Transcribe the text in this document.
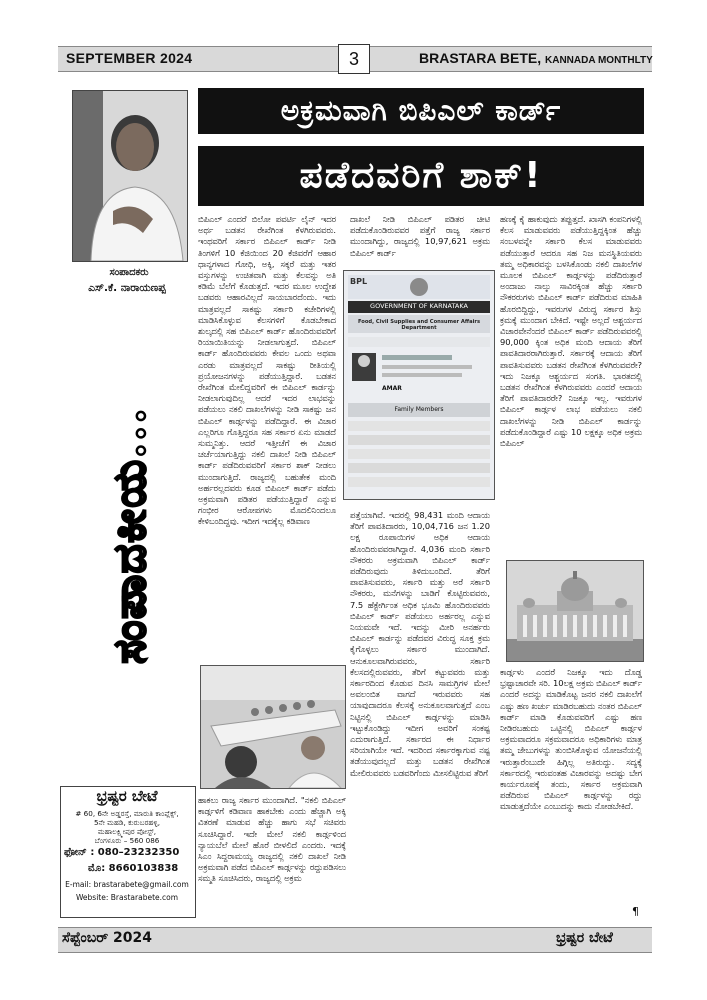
SEPTEMBER 2024	3	BRASTARA BETE, KANNADA MONTHLTY
ಸಂಪಾದಕರು
ಎಸ್.ಕೆ. ನಾರಾಯಣಪ್ಪ
ಸಂಪಾದಕೀಯ...
ಭ್ರಷ್ಟರ ಬೇಟೆ
# 60, 6ನೇ ಅಡ್ಡರಸ್ತೆ, ಮಾರುತಿ ಕಾಂಪ್ಲೆಕ್ಸ್,
5ನೇ ಮಹಡಿ, ಕುರುಬರಹಳ್ಳಿ,
ಮಹಾಲಕ್ಷ್ಮೀಪುರ ಪೋಸ್ಟ್,
ಬೆಂಗಳೂರು – 560 086
ಫೋನ್ : 080–23232350
ಮೊ: 8660103838
E-mail: brastarabete@gmail.com
Website: Brastarabete.com
ಅಕ್ರಮವಾಗಿ ಬಿಪಿಎಲ್ ಕಾರ್ಡ್
ಪಡೆದವರಿಗೆ ಶಾಕ್!
ಬಿಪಿಎಲ್ ಎಂದರೆ ಬಿಲೋ ಪವರ್ಟಿ ಲೈನ್ ಇದರ ಅರ್ಥ ಬಡತನ ರೇಖೆಗಿಂತ ಕೆಳಗಿರುವವರು. ಇಂಥವರಿಗೆ ಸರ್ಕಾರ ಬಿಪಿಎಲ್ ಕಾರ್ಡ್ ನೀಡಿ ತಿಂಗಳಿಗೆ 10 ಕೆಜಿಯಿಂದ 20 ಕೆಜಿವರೆಗೆ ಆಹಾರ ಧಾನ್ಯಗಳಾದ ಗೋಧಿ, ಅಕ್ಕಿ, ಸಕ್ಕರೆ ಮತ್ತು ಇತರ ವಸ್ತುಗಳನ್ನು ಉಚಿತವಾಗಿ ಮತ್ತು ಕೆಲವನ್ನು ಅತಿ ಕಡಿಮೆ ಬೆಲೆಗೆ ಕೊಡುತ್ತದೆ. ಇದರ ಮೂಲ ಉದ್ದೇಶ ಬಡವರು ಆಹಾರವಿಲ್ಲದೆ ಸಾಯಬಾರದೆಂದು. ಇದು ಮಾತ್ರವಲ್ಲದೆ ಸಾಕಷ್ಟು ಸರ್ಕಾರಿ ಕಚೇರಿಗಳಲ್ಲಿ ಮಾಡಿಸಿಕೊಳ್ಳುವ ಕೆಲಸಗಳಿಗೆ ಕೊಡಬೇಕಾದ ಶುಲ್ಕದಲ್ಲಿ ಸಹ ಬಿಪಿಎಲ್ ಕಾರ್ಡ್ ಹೊಂದಿರುವವರಿಗೆ ರಿಯಾಯಿತಿಯನ್ನು ನೀಡಲಾಗುತ್ತದೆ. ಬಿಪಿಎಲ್ ಕಾರ್ಡ್ ಹೊಂದಿರುವವರು ಕೇವಲ ಒಂದು ಅಥವಾ ಎರಡು ಮಾತ್ರವಲ್ಲದೆ ಸಾಕಷ್ಟು ರೀತಿಯಲ್ಲಿ ಪ್ರಯೋಜನಗಳನ್ನು ಪಡೆಯುತ್ತಿದ್ದಾರೆ. ಬಡತನ ರೇಖೆಗಿಂತ ಮೇಲಿದ್ದವರಿಗೆ ಈ ಬಿಪಿಎಲ್ ಕಾರ್ಡನ್ನು ನೀಡಲಾಗುವುದಿಲ್ಲ ಆದರೆ ಇದರ ಲಾಭವನ್ನು ಪಡೆಯಲು ನಕಲಿ ದಾಖಲೆಗಳನ್ನು ನೀಡಿ ಸಾಕಷ್ಟು ಜನ ಬಿಪಿಎಲ್ ಕಾರ್ಡ್ಗಳನ್ನು ಪಡೆದಿದ್ದಾರೆ. ಈ ವಿಚಾರ ಎಲ್ಲರಿಗೂ ಗೊತ್ತಿದ್ದರೂ ಸಹ ಸರ್ಕಾರ ಏನು ಮಾಡದೆ ಸುಮ್ಮನಿತ್ತು. ಆದರೆ ಇತ್ತೀಚೆಗೆ ಈ ವಿಚಾರ ಚರ್ಚೆಯಾಗುತ್ತಿದ್ದು ನಕಲಿ ದಾಖಲೆ ನೀಡಿ ಬಿಪಿಎಲ್ ಕಾರ್ಡ್ ಪಡೆದಿರುವವರಿಗೆ ಸರ್ಕಾರ ಶಾಕ್ ನೀಡಲು ಮುಂದಾಗುತ್ತಿದೆ. ರಾಜ್ಯದಲ್ಲಿ ಬಹುತೇಕ ಮಂದಿ ಅರ್ಹರಲ್ಲದವರು ಕೂಡ ಬಿಪಿಎಲ್ ಕಾರ್ಡ್ ಪಡೆದು ಅಕ್ರಮವಾಗಿ ಪಡಿತರ ಪಡೆಯುತ್ತಿದ್ದಾರೆ ಎನ್ನುವ ಗಂಭೀರ ಆರೋಪಗಳು ಮೊದಲಿನಿಂದಲೂ ಕೇಳಿಬಂದಿದ್ದವು. ಇದೀಗ ಇದಕ್ಕೆಲ್ಲ ಕಡಿವಾಣ
ದಾಖಲೆ ನೀಡಿ ಬಿಪಿಎಲ್ ಪಡಿತರ ಚೀಟಿ ಪಡೆದುಕೊಂಡಿರುವವರ ಪತ್ತೆಗೆ ರಾಜ್ಯ ಸರ್ಕಾರ ಮುಂದಾಗಿದ್ದು, ರಾಜ್ಯದಲ್ಲಿ 10,97,621 ಅಕ್ರಮ ಬಿಪಿಎಲ್ ಕಾರ್ಡ್
BPL
GOVERNMENT OF KARNATAKA
Food, Civil Supplies and Consumer Affairs Department
AMAR
Family Members
ಪತ್ತೆಯಾಗಿವೆ. ಇದರಲ್ಲಿ 98,431 ಮಂದಿ ಆದಾಯ ತೆರಿಗೆ ಪಾವತಿದಾರರು, 10,04,716 ಜನ 1.20 ಲಕ್ಷ ರೂಪಾಯಿಗಳ ಅಧಿಕ ಆದಾಯ ಹೊಂದಿರುವವರಾಗಿದ್ದಾರೆ. 4,036 ಮಂದಿ ಸರ್ಕಾರಿ ನೌಕರರು ಅಕ್ರಮವಾಗಿ ಬಿಪಿಎಲ್ ಕಾರ್ಡ್ ಪಡೆದಿರುವುದು ತಿಳಿದುಬಂದಿದೆ. ತೆರಿಗೆ ಪಾವತಿಸುವವರು, ಸರ್ಕಾರಿ ಮತ್ತು ಅರೆ ಸರ್ಕಾರಿ ನೌಕರರು, ಮನೆಗಳನ್ನು ಬಾಡಿಗೆ ಕೊಟ್ಟಿರುವವರು, 7.5 ಹೆಕ್ಟೇರ್ಗಿಂತ ಅಧಿಕ ಭೂಮಿ ಹೊಂದಿರುವವರು ಬಿಪಿಎಲ್ ಕಾರ್ಡ್ ಪಡೆಯಲು ಅರ್ಹರಲ್ಲ ಎನ್ನುವ ನಿಯಮವೇ ಇದೆ. ಇದನ್ನು ಮೀರಿ ಅನರ್ಹರು ಬಿಪಿಎಲ್ ಕಾರ್ಡನ್ನು ಪಡೆದವರ ವಿರುದ್ಧ ಸೂಕ್ತ ಕ್ರಮ ಕೈಗೊಳ್ಳಲು ಸರ್ಕಾರ ಮುಂದಾಗಿದೆ. ಆನುಕೂಲವಾಗಿರುವವರು, ಸರ್ಕಾರಿ ಕೆಲಸದಲ್ಲಿರುವವರು, ತೆರಿಗೆ ಕಟ್ಟುವವರು ಮತ್ತು ಸರ್ಕಾರದಿಂದ ಕೊಡುವ ದಿನಸಿ ಸಾಮಗ್ರಿಗಳ ಮೇಲೆ ಅವಲಂಬಿತ ವಾಗದೆ ಇರುವವರು ಸಹ ಯಾವುದಾದರೂ ಕೆಲಸಕ್ಕೆ ಅನುಕೂಲವಾಗುತ್ತದೆ ಎಂಬ ನಿಟ್ಟಿನಲ್ಲಿ ಬಿಪಿಎಲ್ ಕಾರ್ಡ್ಗಳನ್ನು ಮಾಡಿಸಿ ಇಟ್ಟುಕೊಂಡಿದ್ದು ಇದೀಗ ಅವರಿಗೆ ಸಂಕಷ್ಟ ಎದುರಾಗುತ್ತಿದೆ. ಸರ್ಕಾರದ ಈ ನಿರ್ಧಾರ ಸರಿಯಾಗಿಯೇ ಇದೆ. ಇದರಿಂದ ಸರ್ಕಾರಕ್ಕಾಗುವ ನಷ್ಟ ತಡೆಯುವುದಲ್ಲದೆ ಮತ್ತು ಬಡತನ ರೇಖೆಗಿಂತ ಮೇಲಿರುವವರು ಬಡವರಿಗೆಂದು ಮೀಸಲಿಟ್ಟಿರುವ ತೆರಿಗೆ
ಹಣಕ್ಕೆ ಕೈ ಹಾಕುವುದು ತಪ್ಪುತ್ತದೆ. ಖಾಸಗಿ ಕಂಪನಿಗಳಲ್ಲಿ ಕೆಲಸ ಮಾಡುವವರು ಪಡೆಯುತ್ತಿದ್ದಕ್ಕಿಂತ ಹೆಚ್ಚು ಸಂಬಳವನ್ನೇ ಸರ್ಕಾರಿ ಕೆಲಸ ಮಾಡುವವರು ಪಡೆಯುತ್ತಾರೆ ಆದರೂ ಸಹ ನಿಜ ಮನಸ್ಥಿತಿಯವರು ತಮ್ಮ ಅಧಿಕಾರವನ್ನು ಬಳಸಿಕೊಂಡು ನಕಲಿ ದಾಖಲೆಗಳ ಮೂಲಕ ಬಿಪಿಎಲ್ ಕಾರ್ಡ್ಗಳನ್ನು ಪಡೆದಿರುತ್ತಾರೆ ಅಂದಾಜು ನಾಲ್ಕು ಸಾವಿರಕ್ಕಿಂತ ಹೆಚ್ಚು ಸರ್ಕಾರಿ ನೌಕರರುಗಳು ಬಿಪಿಎಲ್ ಕಾರ್ಡ್ ಪಡೆದಿರುವ ಮಾಹಿತಿ ಹೊರಬಿದ್ದಿದ್ದು, ಇವರುಗಳ ವಿರುದ್ಧ ಸರ್ಕಾರ ಶಿಸ್ತು ಕ್ರಮಕ್ಕೆ ಮುಂದಾಗ ಬೇಕಿದೆ. ಇಷ್ಟೇ ಅಲ್ಲದೆ ಆಶ್ಚರ್ಯದ ವಿಚಾರವೇನೆಂದರೆ ಬಿಪಿಎಲ್ ಕಾರ್ಡ್ ಪಡೆದಿರುವವರಲ್ಲಿ 90,000 ಕ್ಕಿಂತ ಅಧಿಕ ಮಂದಿ ಆದಾಯ ತೆರಿಗೆ ಪಾವತಿದಾರರಾಗಿರುತ್ತಾರೆ. ಸರ್ಕಾರಕ್ಕೆ ಆದಾಯ ತೆರಿಗೆ ಪಾವತಿಸುವವರು ಬಡತನ ರೇಖೆಗಿಂತ ಕೆಳಗಿರುವವರೇ? ಇದು ನಿಜಕ್ಕೂ ಆಶ್ಚರ್ಯದ ಸಂಗತಿ. ಭಾರತದಲ್ಲಿ ಬಡತನ ರೇಖೆಗಿಂತ ಕೆಳಗಿರುವವರು ಎಂದರೆ ಆದಾಯ ತೆರಿಗೆ ಪಾವತಿದಾರರೇ? ನಿಜಕ್ಕೂ ಇಲ್ಲ. ಇವರುಗಳ ಬಿಪಿಎಲ್ ಕಾರ್ಡ್ಗಳ ಲಾಭ ಪಡೆಯಲು ನಕಲಿ ದಾಖಲೆಗಳನ್ನು ನೀಡಿ ಬಿಪಿಎಲ್ ಕಾರ್ಡನ್ನು ಪಡೆದುಕೊಂಡಿದ್ದಾರೆ ಎಷ್ಟು 10 ಲಕ್ಷಕ್ಕೂ ಅಧಿಕ ಅಕ್ರಮ ಬಿಪಿಎಲ್
ಕಾರ್ಡ್ಗಳು ಎಂದರೆ ನಿಜಕ್ಕೂ ಇದು ದೊಡ್ಡ ಭ್ರಷ್ಟಾಚಾರವೇ ಸರಿ. 10ಲಕ್ಷ ಅಕ್ರಮ ಬಿಪಿಎಲ್ ಕಾರ್ಡ್ ಎಂದರೆ ಅದನ್ನು ಮಾಡಿಕೊಟ್ಟ ಜನರ ನಕಲಿ ದಾಖಲೆಗೆ ಎಷ್ಟು ಹಣ ಖರ್ಚು ಮಾಡಿರಬಹುದು ನಂತರ ಬಿಪಿಎಲ್ ಕಾರ್ಡ್ ಮಾಡಿ ಕೊಡುವವರಿಗೆ ಎಷ್ಟು ಹಣ ನೀಡಿರಬಹುದು ಒಟ್ಟಿನಲ್ಲಿ ಬಿಪಿಎಲ್ ಕಾರ್ಡ್ಗಳ ಅಕ್ರಮವಾದರೂ ಸಕ್ರಮವಾದರೂ ಅಧಿಕಾರಿಗಳು ಮಾತ್ರ ತಮ್ಮ ಜೇಬುಗಳನ್ನು ತುಂಬಿಸಿಕೊಳ್ಳುವ ಯೋಜನೆಯಲ್ಲಿ ಇರುತ್ತಾರೆಂಬುದೇ ಹಿಗ್ಗಿಲ್ಲ ಅತಿರುದ್ದು. ಸದ್ಯಕ್ಕೆ ಸರ್ಕಾರದಲ್ಲಿ ಇರುವಂತಹ ವಿಚಾರವನ್ನು ಅದಷ್ಟು ಬೇಗ ಕಾರ್ಯರೂಪಕ್ಕೆ ತಂದು, ಸರ್ಕಾರ ಅಕ್ರಮವಾಗಿ ಪಡೆದಿರುವ ಬಿಪಿಎಲ್ ಕಾರ್ಡ್ಗಳನ್ನು ರದ್ದು ಮಾಡುತ್ತದೆಯೇ ಎಂಬುದನ್ನು ಕಾದು ನೋಡಬೇಕಿದೆ.
ಹಾಕಲು ರಾಜ್ಯ ಸರ್ಕಾರ ಮುಂದಾಗಿದೆ. "ನಕಲಿ ಬಿಪಿಎಲ್ ಕಾರ್ಡ್ಗಳಿಗೆ ಕಡಿವಾಣ ಹಾಕಬೇಕು ಎಂದು ಹೆಚ್ಚಾಗಿ ಅಕ್ಕಿ ವಿತರಣೆ ಮಾಡುವ ಹೆಚ್ಚು ಹಾಗು ಸಭೆ ಸಚಿವರು ಸೂಚಿಸಿದ್ದಾರೆ. ಇದೇ ಮೇಲೆ ನಕಲಿ ಕಾರ್ಡ್ಗಳಿಂದ ನ್ಯಾಯಬೆಲೆ ಮೇಲೆ ಹೊರೆ ಬೀಳಲಿದೆ ಎಂದರು. ಇದಕ್ಕೆ ಸಿಎಂ ಸಿದ್ದರಾಮಯ್ಯ ರಾಜ್ಯದಲ್ಲಿ ನಕಲಿ ದಾಖಲೆ ನೀಡಿ ಅಕ್ರಮವಾಗಿ ಪಡೆದ ಬಿಪಿಎಲ್ ಕಾರ್ಡ್ಗಳನ್ನು ರದ್ದುಪಡಿಸಲು ಸಮ್ಮತಿ ಸೂಚಿಸಿದರು, ರಾಜ್ಯದಲ್ಲಿ ಅಕ್ರಮ
¶
ಸೆಪ್ಟೆಂಬರ್ 2024	ಭ್ರಷ್ಟರ ಬೇಟೆ
